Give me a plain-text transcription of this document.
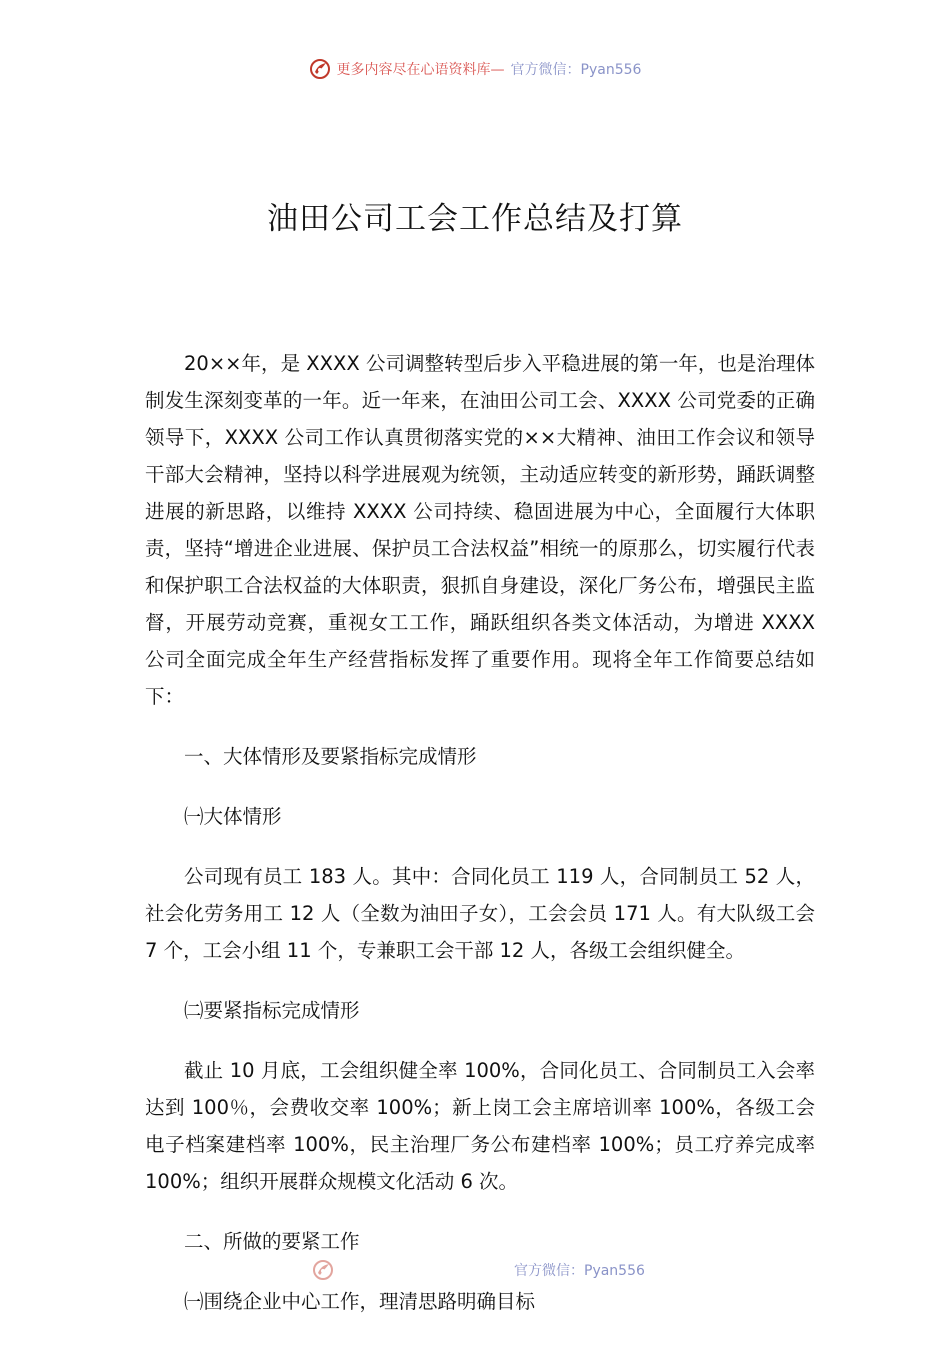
更多内容尽在心语资料库— 官方微信：Pyan556
油田公司工会工作总结及打算

20××年，是 XXXX 公司调整转型后步入平稳进展的第一年，也是治理体制发生深刻变革的一年。近一年来，在油田公司工会、XXXX 公司党委的正确领导下，XXXX 公司工作认真贯彻落实党的××大精神、油田工作会议和领导干部大会精神，坚持以科学进展观为统领，主动适应转变的新形势，踊跃调整进展的新思路，以维持 XXXX 公司持续、稳固进展为中心，全面履行大体职责，坚持“增进企业进展、保护员工合法权益”相统一的原那么，切实履行代表和保护职工合法权益的大体职责，狠抓自身建设，深化厂务公布，增强民主监督，开展劳动竞赛，重视女工工作，踊跃组织各类文体活动，为增进 XXXX 公司全面完成全年生产经营指标发挥了重要作用。现将全年工作简要总结如下：

一、大体情形及要紧指标完成情形

㈠大体情形

公司现有员工 183 人。其中：合同化员工 119 人，合同制员工 52 人，社会化劳务用工 12 人（全数为油田子女），工会会员 171 人。有大队级工会 7 个，工会小组 11 个，专兼职工会干部 12 人，各级工会组织健全。

㈡要紧指标完成情形

截止 10 月底，工会组织健全率 100%，合同化员工、合同制员工入会率达到 100％，会费收交率 100%；新上岗工会主席培训率 100%，各级工会电子档案建档率 100%，民主治理厂务公布建档率 100%；员工疗养完成率 100%；组织开展群众规模文化活动 6 次。

二、所做的要紧工作

㈠围绕企业中心工作，理清思路明确目标

官方微信：Pyan556
